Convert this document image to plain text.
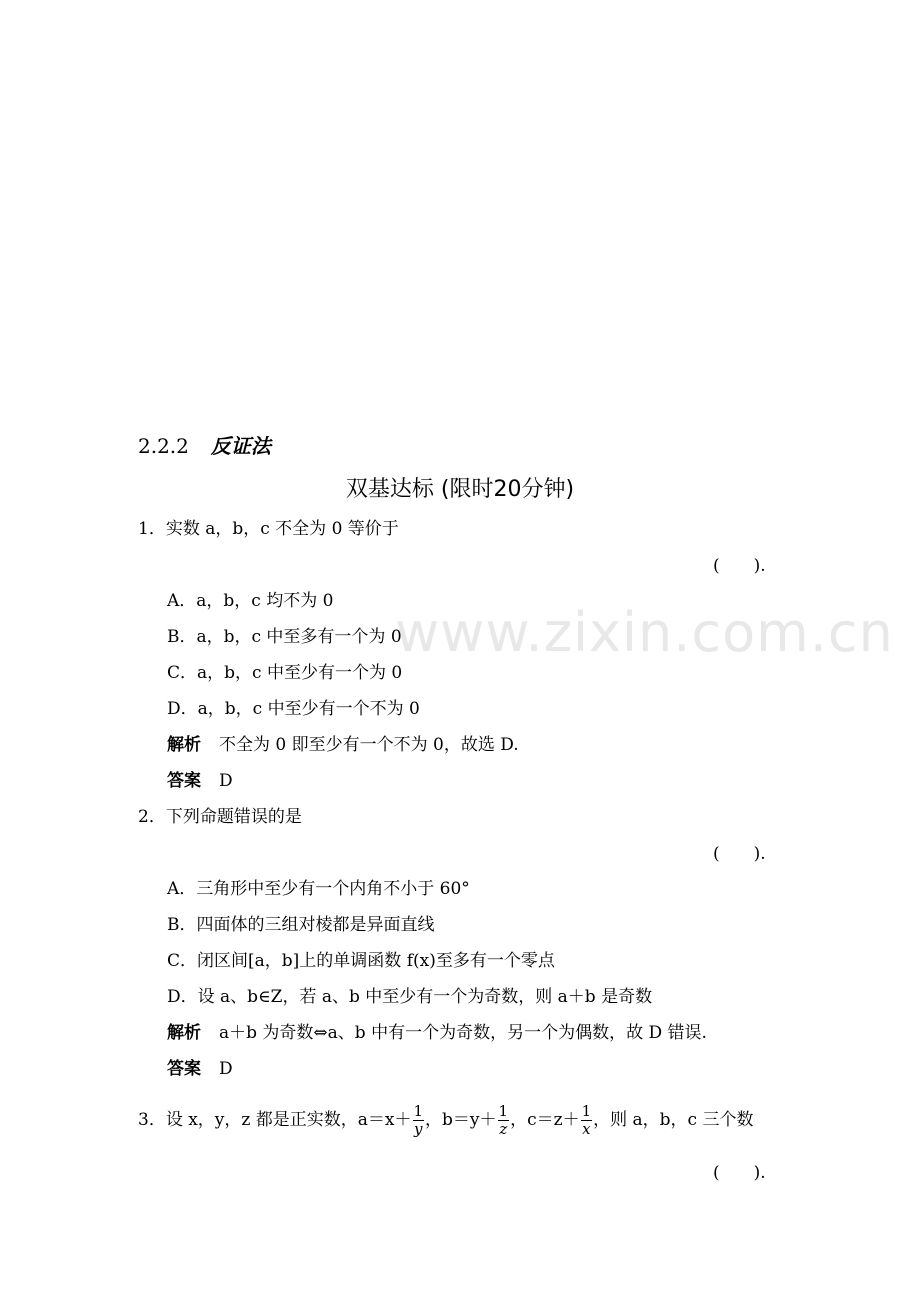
www.zixin.com.cn
2.2.2 反证法
双基达标 (限时20分钟)
1．实数 a，b，c 不全为 0 等价于
(　　).
A．a，b，c 均不为 0
B．a，b，c 中至多有一个为 0
C．a，b，c 中至少有一个为 0
D．a，b，c 中至少有一个不为 0
解析 不全为 0 即至少有一个不为 0，故选 D.
答案 D
2．下列命题错误的是
(　　).
A．三角形中至少有一个内角不小于 60°
B．四面体的三组对棱都是异面直线
C．闭区间[a，b]上的单调函数 f(x)至多有一个零点
D．设 a、b∈Z，若 a、b 中至少有一个为奇数，则 a＋b 是奇数
解析 a＋b 为奇数⇔a、b 中有一个为奇数，另一个为偶数，故 D 错误.
答案 D
3．设 x，y，z 都是正实数，$a=x+ \frac{1}{y}$ ，$b=y+ \frac{1}{z}$ ，$c=z+ \frac{1}{x}$ ，则 a，b，c 三个数
(　　).
